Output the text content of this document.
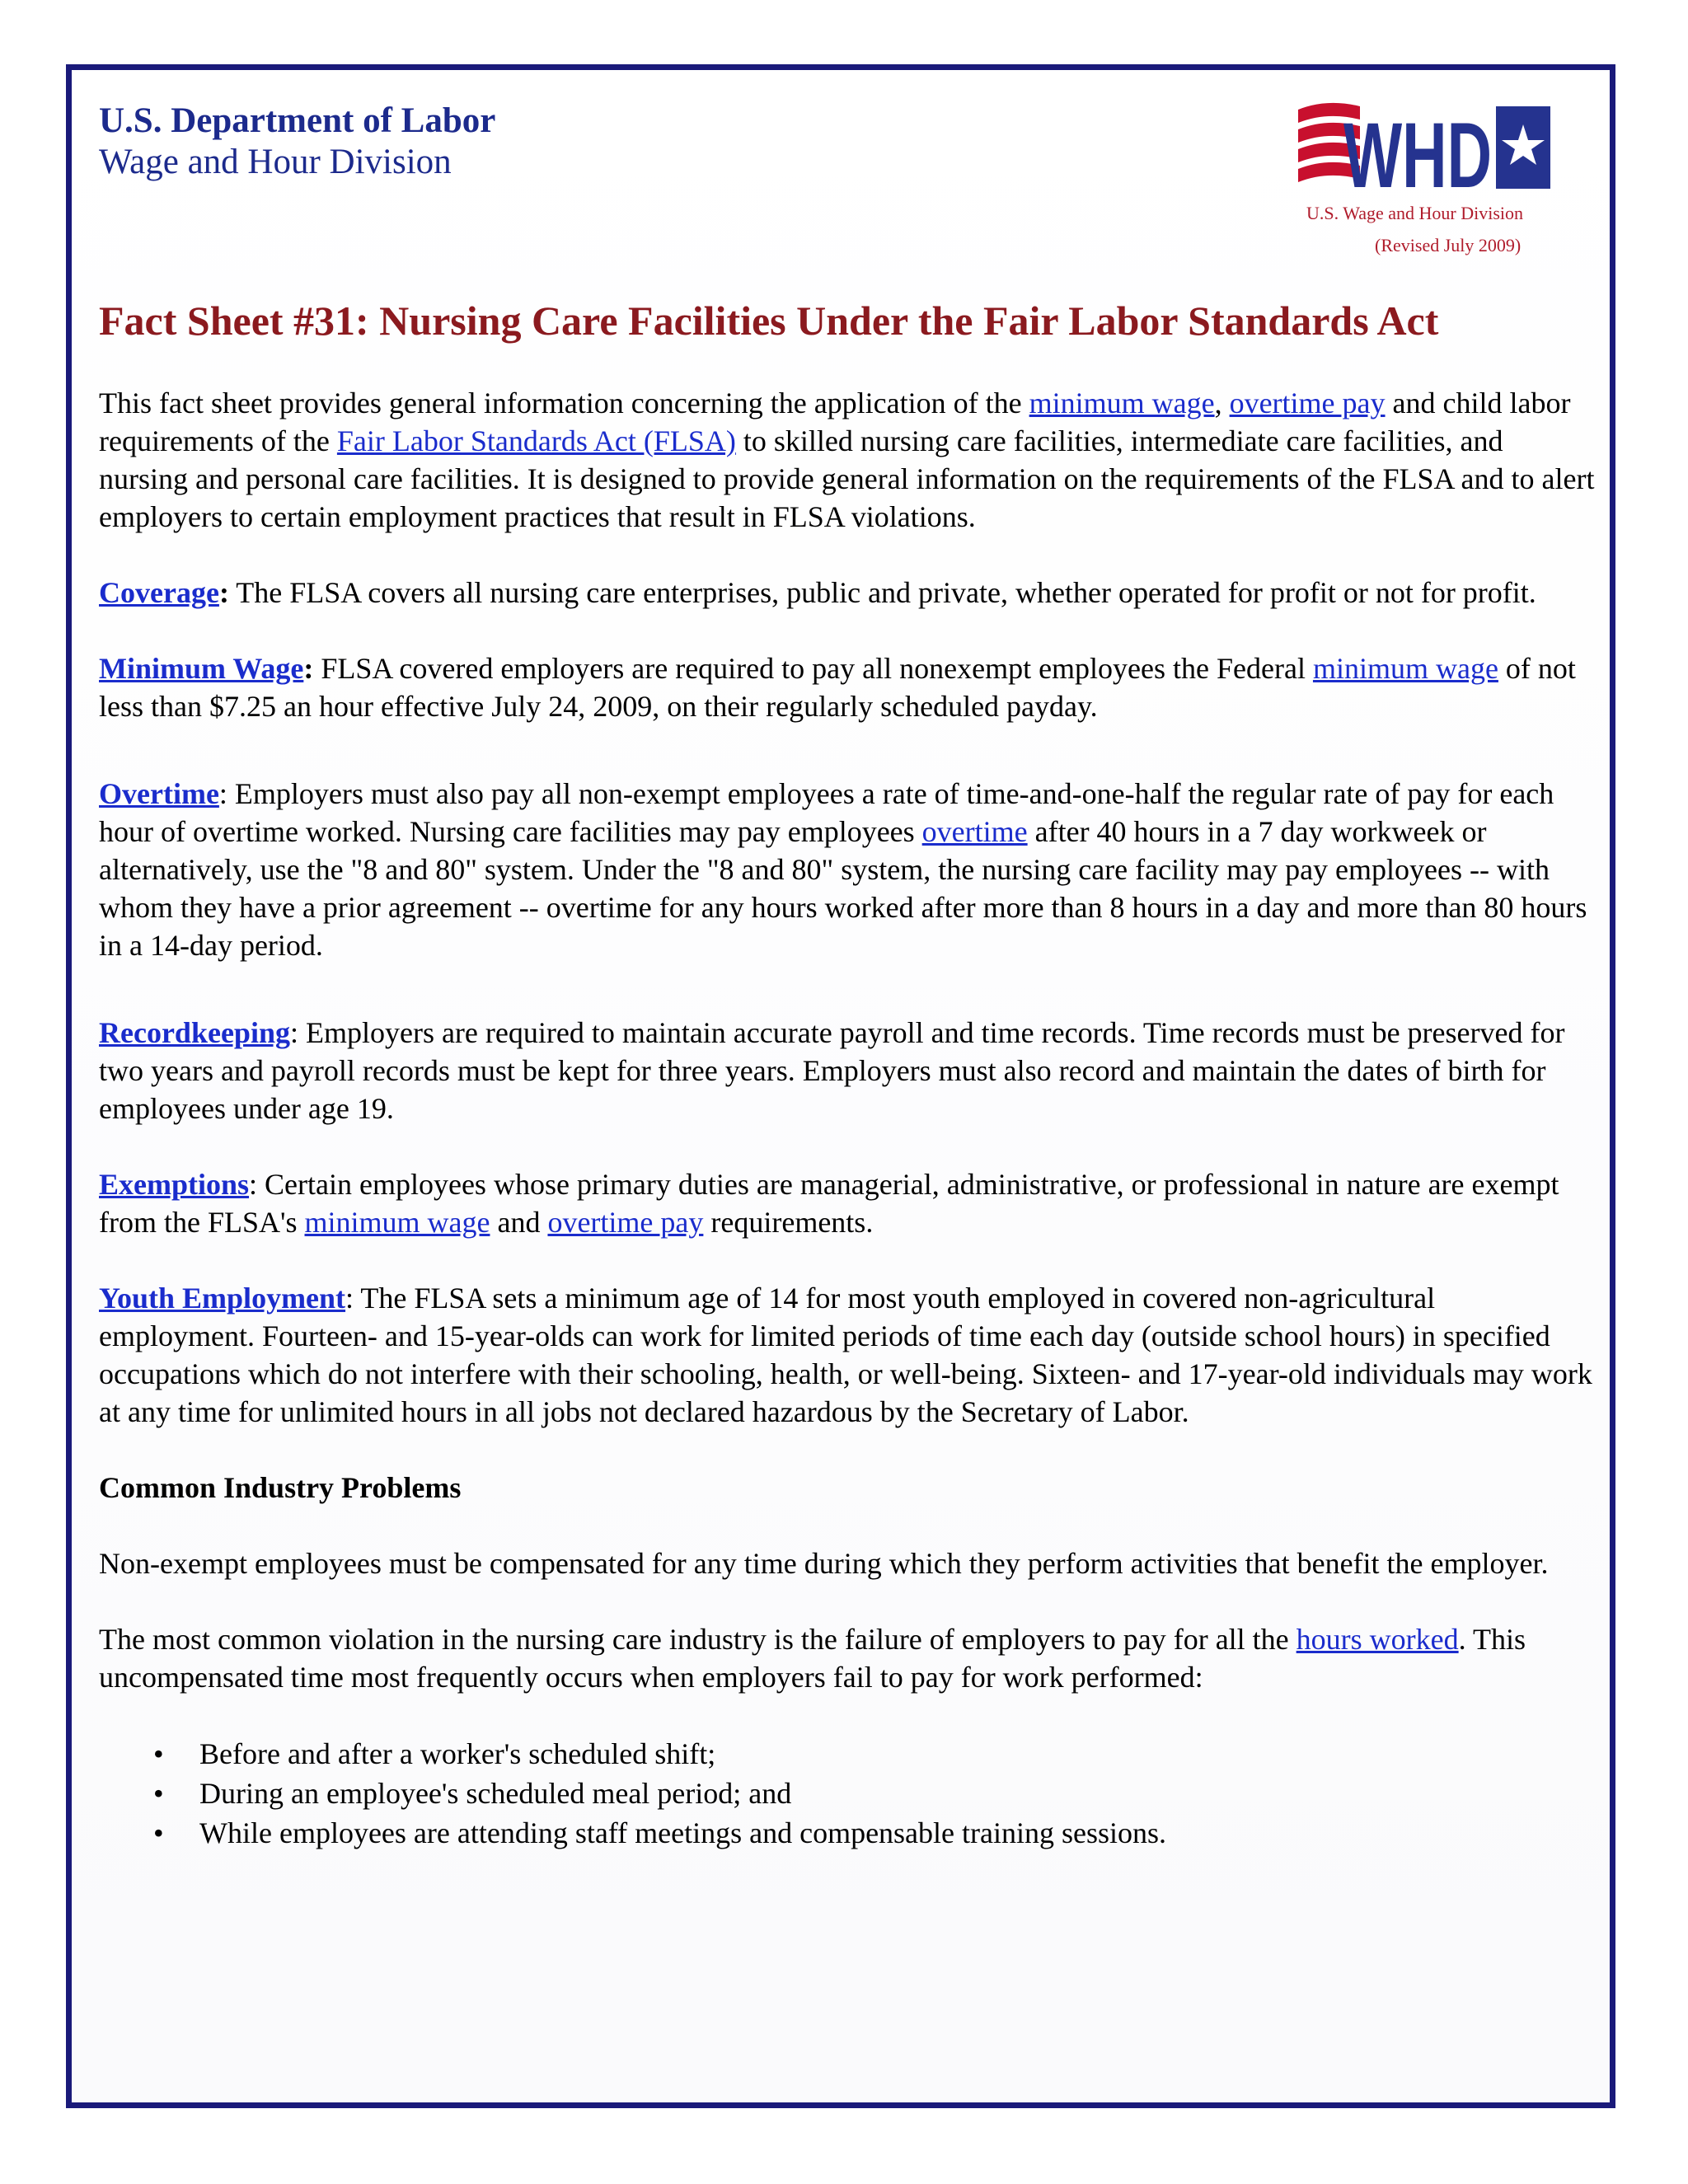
U.S. Department of Labor
Wage and Hour Division	WHD
U.S. Wage and Hour Division
(Revised July 2009)
Fact Sheet #31: Nursing Care Facilities Under the Fair Labor Standards Act

This fact sheet provides general information concerning the application of the minimum wage, overtime pay and child labor requirements of the Fair Labor Standards Act (FLSA) to skilled nursing care facilities, intermediate care facilities, and nursing and personal care facilities. It is designed to provide general information on the requirements of the FLSA and to alert employers to certain employment practices that result in FLSA violations.

Coverage: The FLSA covers all nursing care enterprises, public and private, whether operated for profit or not for profit.

Minimum Wage: FLSA covered employers are required to pay all nonexempt employees the Federal minimum wage of not less than $7.25 an hour effective July 24, 2009, on their regularly scheduled payday.

Overtime: Employers must also pay all non-exempt employees a rate of time-and-one-half the regular rate of pay for each hour of overtime worked. Nursing care facilities may pay employees overtime after 40 hours in a 7 day workweek or alternatively, use the "8 and 80" system. Under the "8 and 80" system, the nursing care facility may pay employees -- with whom they have a prior agreement -- overtime for any hours worked after more than 8 hours in a day and more than 80 hours in a 14-day period.

Recordkeeping: Employers are required to maintain accurate payroll and time records. Time records must be preserved for two years and payroll records must be kept for three years. Employers must also record and maintain the dates of birth for employees under age 19.

Exemptions: Certain employees whose primary duties are managerial, administrative, or professional in nature are exempt from the FLSA's minimum wage and overtime pay requirements.

Youth Employment: The FLSA sets a minimum age of 14 for most youth employed in covered non-agricultural employment. Fourteen- and 15-year-olds can work for limited periods of time each day (outside school hours) in specified occupations which do not interfere with their schooling, health, or well-being. Sixteen- and 17-year-old individuals may work at any time for unlimited hours in all jobs not declared hazardous by the Secretary of Labor.

Common Industry Problems

Non-exempt employees must be compensated for any time during which they perform activities that benefit the employer.

The most common violation in the nursing care industry is the failure of employers to pay for all the hours worked. This uncompensated time most frequently occurs when employers fail to pay for work performed:

• Before and after a worker's scheduled shift;
• During an employee's scheduled meal period; and
• While employees are attending staff meetings and compensable training sessions.
